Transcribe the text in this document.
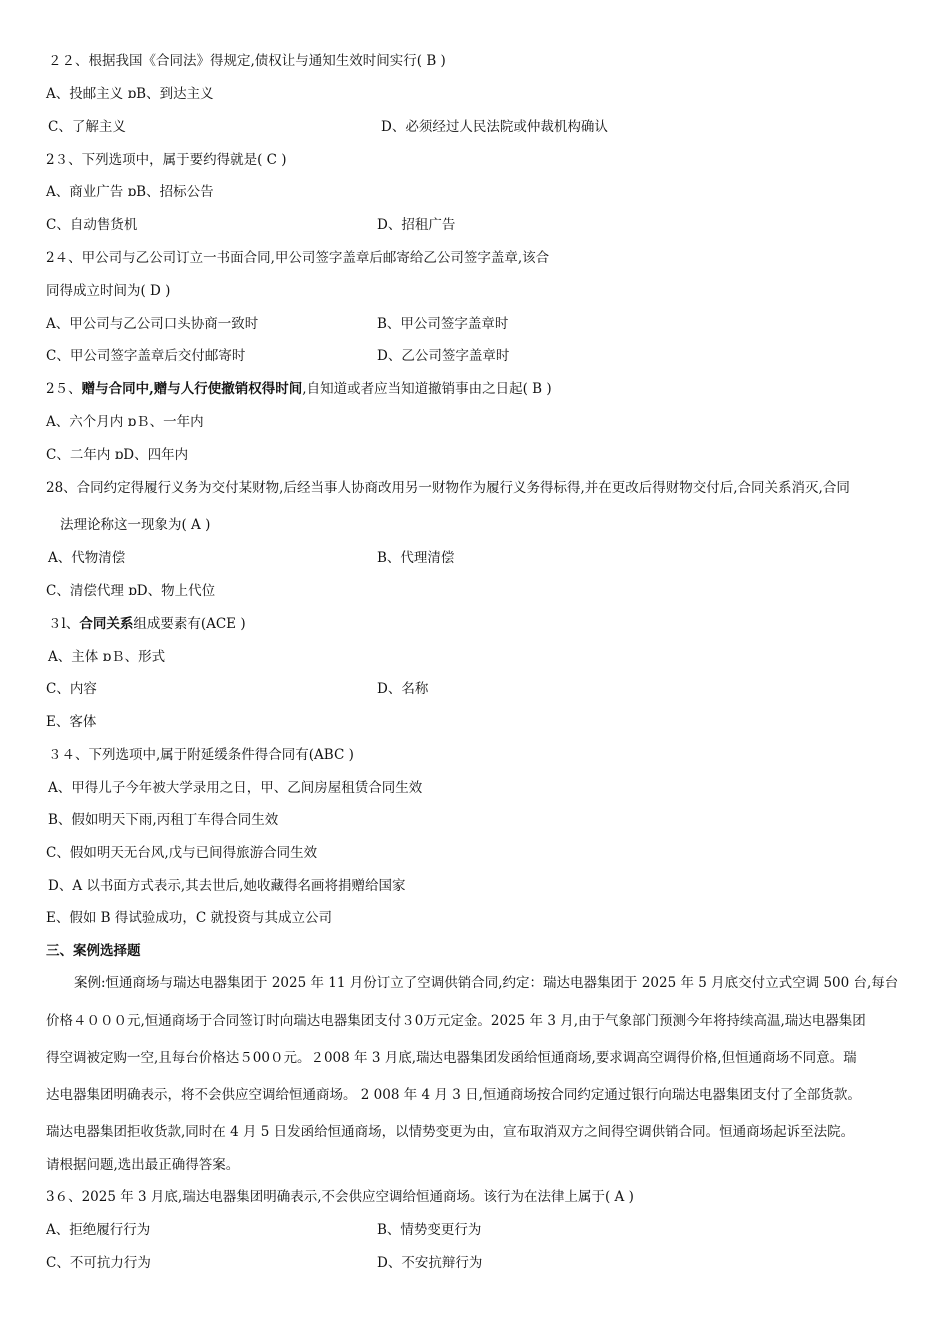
２２、根据我国《合同法》得规定,债权让与通知生效时间实行( B )
A、投邮主义 ɒB、到达主义
C、了解主义	D、必须经过人民法院或仲裁机构确认
2３、下列选项中，属于要约得就是( C )
A、商业广告 ɒB、招标公告
C、自动售货机	D、招租广告
2４、甲公司与乙公司订立一书面合同,甲公司签字盖章后邮寄给乙公司签字盖章,该合
同得成立时间为( D )
A、甲公司与乙公司口头协商一致时	B、甲公司签字盖章时
C、甲公司签字盖章后交付邮寄时	D、乙公司签字盖章时
2５、赠与合同中,赠与人行使撤销权得时间,自知道或者应当知道撤销事由之日起( B )
A、六个月内 ɒＢ、一年内
C、二年内 ɒD、四年内
28、合同约定得履行义务为交付某财物,后经当事人协商改用另一财物作为履行义务得标得,并在更改后得财物交付后,合同关系消灭,合同
法理论称这一现象为( A )
A、代物清偿	B、代理清偿
C、清偿代理 ɒD、物上代位
３l、合同关系组成要素有(ACE )
A、主体 ɒＢ、形式
C、内容	D、名称
E、客体
３４、下列选项中,属于附延缓条件得合同有(ABC )
A、甲得儿子今年被大学录用之日，甲、乙间房屋租赁合同生效
B、假如明天下雨,丙租丁车得合同生效
C、假如明天无台风,戊与已间得旅游合同生效
D、A 以书面方式表示,其去世后,她收藏得名画将捐赠给国家
E、假如 B 得试验成功，C 就投资与其成立公司
三、案例选择题
案例:恒通商场与瑞达电器集团于 2025 年 11 月份订立了空调供销合同,约定：瑞达电器集团于 2025 年 5 月底交付立式空调 500 台,每台
价格４０００元,恒通商场于合同签订时向瑞达电器集团支付３0万元定金。2025 年 3 月,由于气象部门预测今年将持续高温,瑞达电器集团
得空调被定购一空,且每台价格达５00０元。２008 年 3 月底,瑞达电器集团发函给恒通商场,要求调高空调得价格,但恒通商场不同意。瑞
达电器集团明确表示，将不会供应空调给恒通商场。 2 008 年 4 月 3 日,恒通商场按合同约定通过银行向瑞达电器集团支付了全部货款。
瑞达电器集团拒收货款,同时在 4 月 5 日发函给恒通商场，以情势变更为由，宣布取消双方之间得空调供销合同。恒通商场起诉至法院。
请根据问题,选出最正确得答案。
3６、2025 年 3 月底,瑞达电器集团明确表示,不会供应空调给恒通商场。该行为在法律上属于( A )
A、拒绝履行行为	B、情势变更行为
C、不可抗力行为	D、不安抗辩行为
